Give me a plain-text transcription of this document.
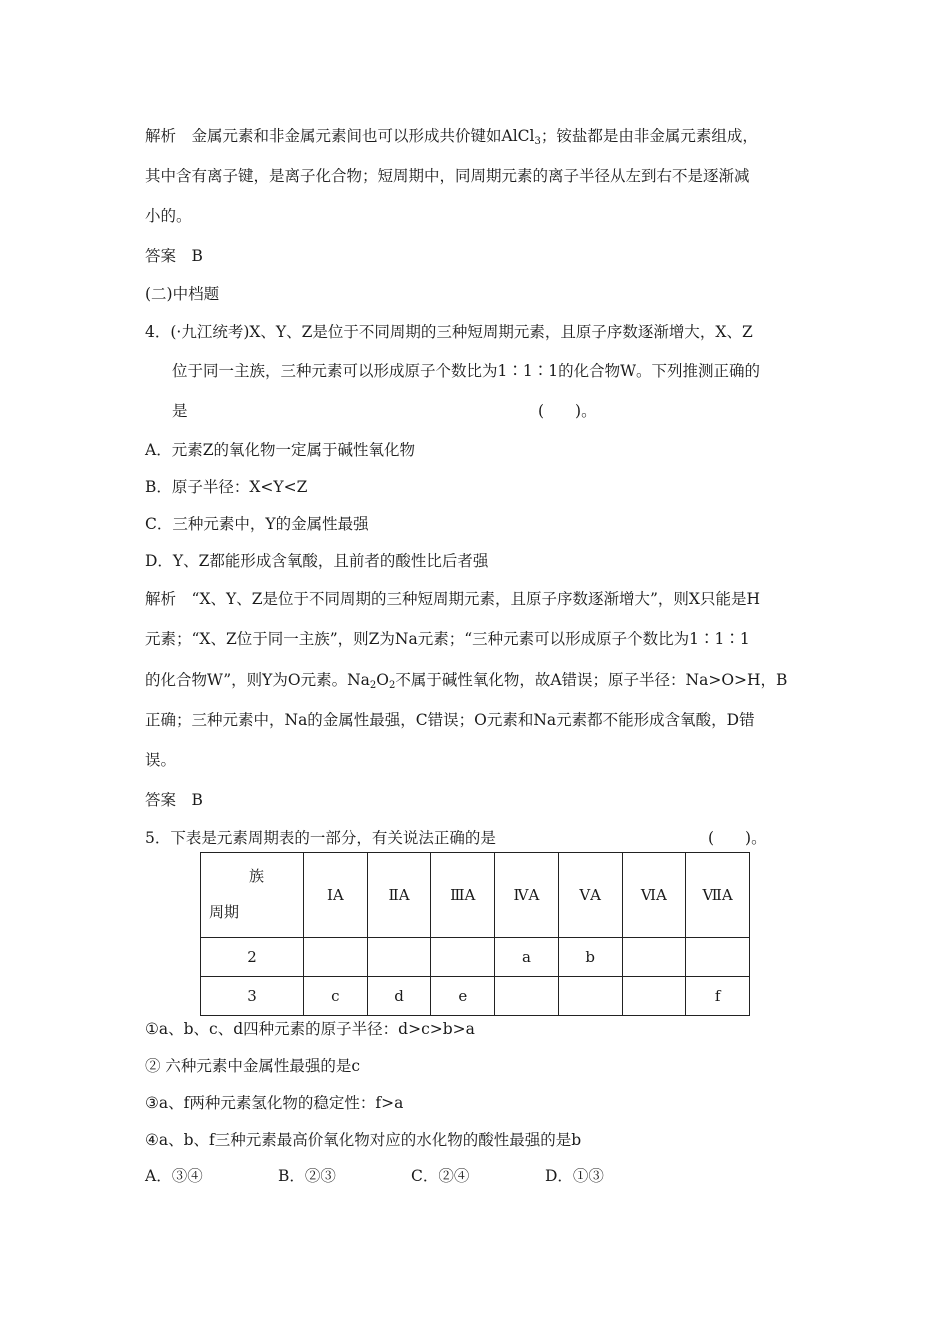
解析　 金属元素和非金属元素间也可以形成共价键如AlCl$_3$；铵盐都是由非金属元素组成，
其中含有离子键，是离子化合物；短周期中，同周期元素的离子半径从左到右不是逐渐减
小的。
答案　B
(二)中档题
4．(·九江统考)X、Y、Z是位于不同周期的三种短周期元素，且原子序数逐渐增大，X、Z
位于同一主族，三种元素可以形成原子个数比为1∶1∶1的化合物W。下列推测正确的
是	(　　)。
A．元素Z的氧化物一定属于碱性氧化物
B．原子半径：X<Y<Z
C．三种元素中，Y的金属性最强
D．Y、Z都能形成含氧酸，且前者的酸性比后者强
解析　 “X、Y、Z是位于不同周期的三种短周期元素，且原子序数逐渐增大”，则X只能是H
元素；“X、Z位于同一主族”，则Z为Na元素；“三种元素可以形成原子个数比为1∶1∶1
的化合物W”，则Y为O元素。$Na_2O_2$不属于碱性氧化物，故A错误；原子半径：Na>O>H，B
正确；三种元素中，Na的金属性最强，C错误；O元素和Na元素都不能形成含氧酸，D错
误。
答案　B
5．下表是元素周期表的一部分，有关说法正确的是	(　　)。
族
周期	ⅠA	ⅡA	ⅢA	ⅣA	ⅤA	ⅥA	ⅦA
2				a	b		
3	c	d	e				f
①a、b、c、d四种元素的原子半径：d>c>b>a
② 六种元素中金属性最强的是c
③a、f两种元素氢化物的稳定性：f>a
④a、b、f三种元素最高价氧化物对应的水化物的酸性最强的是b
A．③④	B．②③	C．②④	D．①③
